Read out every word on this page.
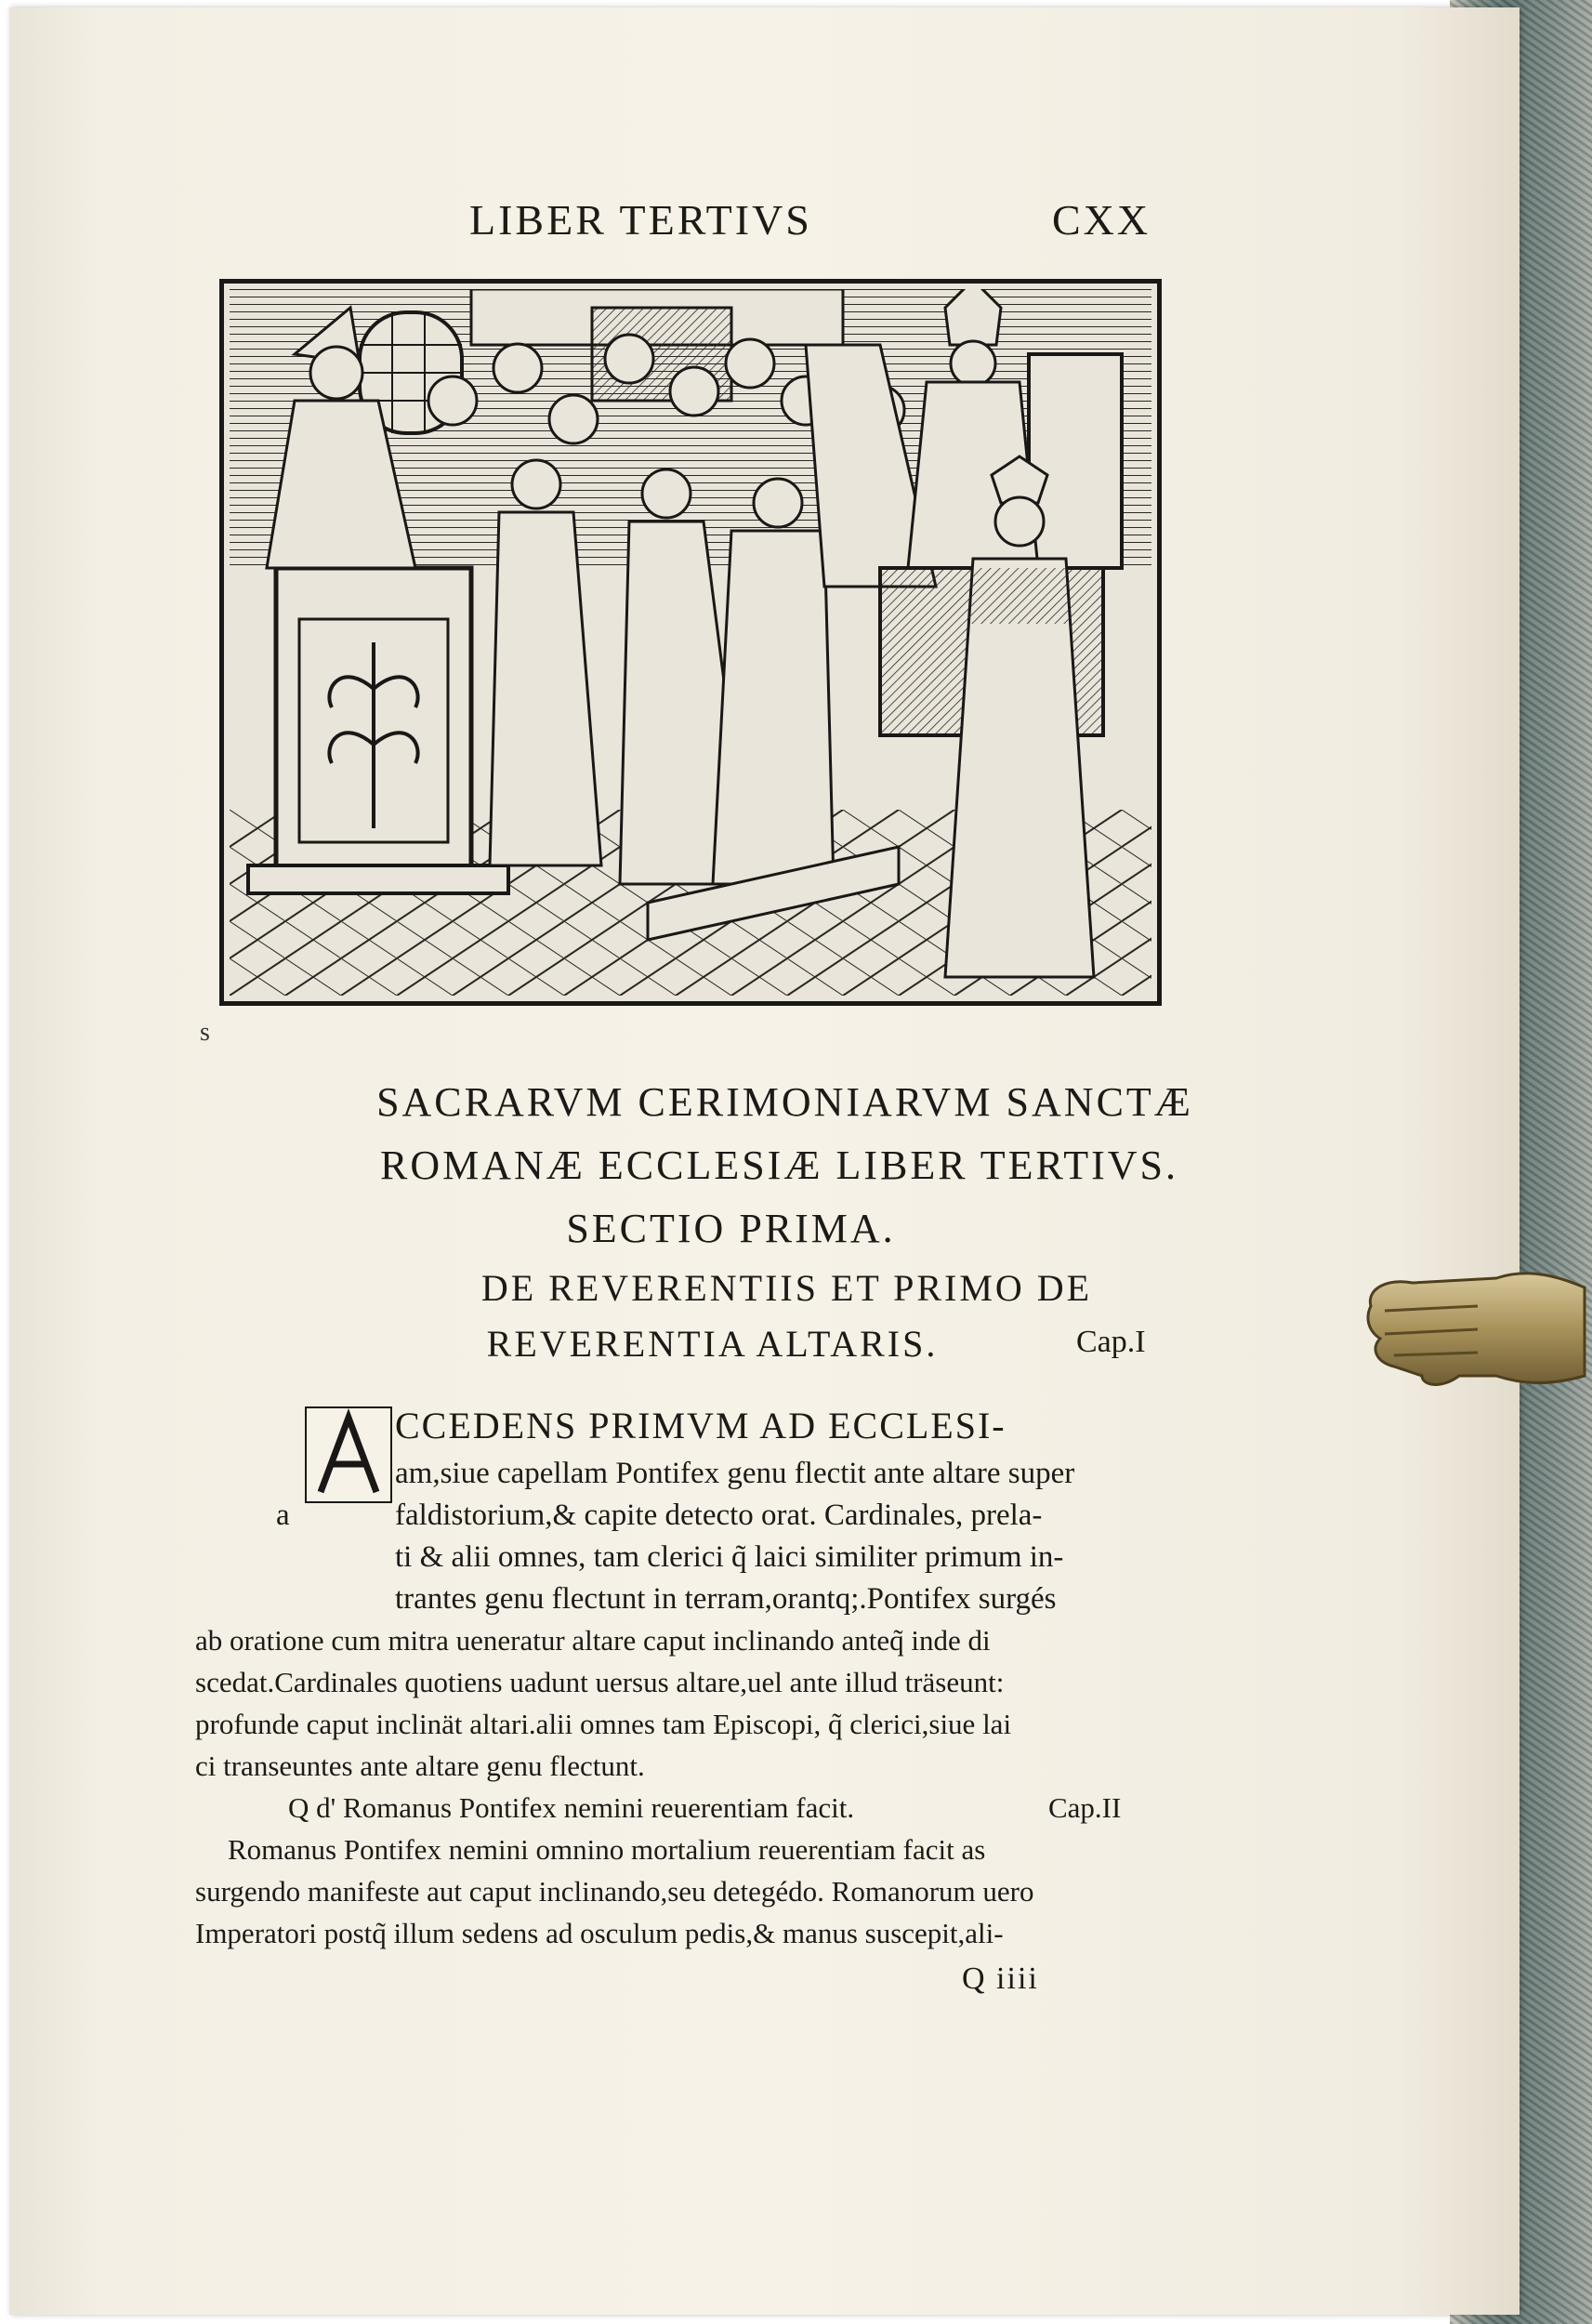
LIBER TERTIVS	CXX
s
SACRARVM CERIMONIARVM SANCTÆ
ROMANÆ ECCLESIÆ LIBER TERTIVS.
SECTIO PRIMA.
DE REVERENTIIS ET PRIMO DE
REVERENTIA ALTARIS.	Cap.I
CCEDENS PRIMVM AD ECCLESI-
am,siue capellam Pontifex genu flectit ante altare super
a	faldistorium,& capite detecto orat. Cardinales, prela-
ti & alii omnes, tam clerici q̃ laici similiter primum in-
trantes genu flectunt in terram,orantq;.Pontifex surgés
ab oratione cum mitra ueneratur altare caput inclinando anteq̃ inde di
scedat.Cardinales quotiens uadunt uersus altare,uel ante illud träseunt:
profunde caput inclinät altari.alii omnes tam Episcopi, q̃ clerici,siue lai
ci transeuntes ante altare genu flectunt.
Q d' Romanus Pontifex nemini reuerentiam facit.	Cap.II
Romanus Pontifex nemini omnino mortalium reuerentiam facit as
surgendo manifeste aut caput inclinando,seu detegédo. Romanorum uero
Imperatori postq̃ illum sedens ad osculum pedis,& manus suscepit,ali-
Q iiii
